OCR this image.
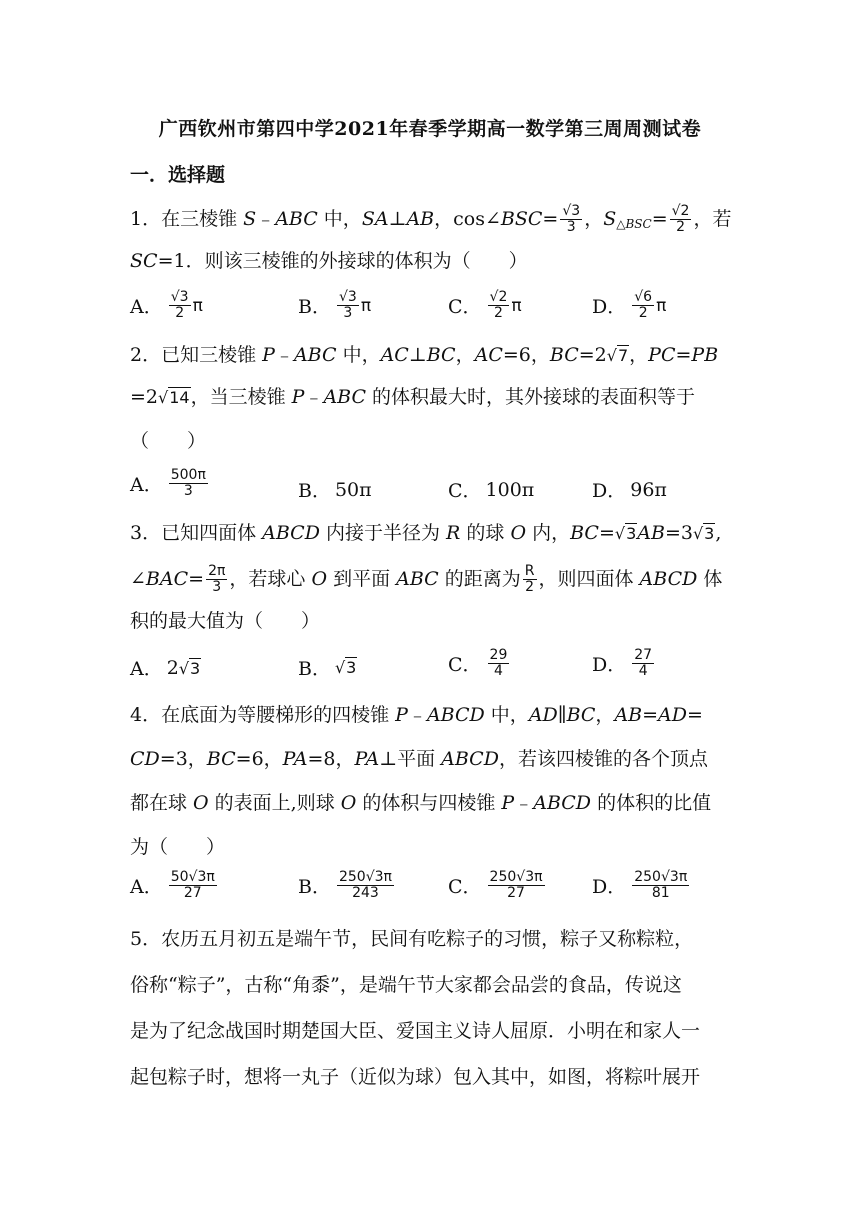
广西钦州市第四中学2021年春季学期高一数学第三周周测试卷
一．选择题
1．在三棱锥 S﹣ABC 中，SA⊥AB，cos∠BSC= $\frac{√3}{3}$ ，$S_{\triangle BSC}= \frac{√2}{2}$ ，若
SC=1．则该三棱锥的外接球的体积为（　　）
A． $\frac{√3}{2}$ π	B． $\frac{√3}{3}$ π	C． $\frac{√2}{2}$ π	D． $\frac{√6}{2}$ π
2．已知三棱锥 P﹣ABC 中，AC⊥BC，AC=6，BC=2√7，PC=PB
=2√14，当三棱锥 P﹣ABC 的体积最大时，其外接球的表面积等于
（　　）
A． $\frac{500\pi}{3}$	B． 50π	C． 100π	D． 96π
3．已知四面体 ABCD 内接于半径为 R 的球 O 内，BC=√3AB=3√3,
∠BAC= $\frac{2\pi}{3}$ ，若球心 O 到平面 ABC 的距离为 $\frac{R}{2}$ ，则四面体 ABCD 体
积的最大值为（　　）
A． 2√3	B． √3	C． $\frac{29}{4}$	D． $\frac{27}{4}$
4．在底面为等腰梯形的四棱锥 P﹣ABCD 中，AD∥BC，AB=AD=
CD=3，BC=6，PA=8，PA⊥平面 ABCD，若该四棱锥的各个顶点
都在球 O 的表面上,则球 O 的体积与四棱锥 P﹣ABCD 的体积的比值
为（　　）
A． $\frac{50√3\pi}{27}$	B． $\frac{250√3\pi}{243}$	C． $\frac{250√3\pi}{27}$ D． $\frac{250√3\pi}{81}$
5．农历五月初五是端午节，民间有吃粽子的习惯，粽子又称粽粒，
俗称“粽子”，古称“角黍”，是端午节大家都会品尝的食品，传说这
是为了纪念战国时期楚国大臣、爱国主义诗人屈原．小明在和家人一
起包粽子时，想将一丸子（近似为球）包入其中，如图，将粽叶展开
